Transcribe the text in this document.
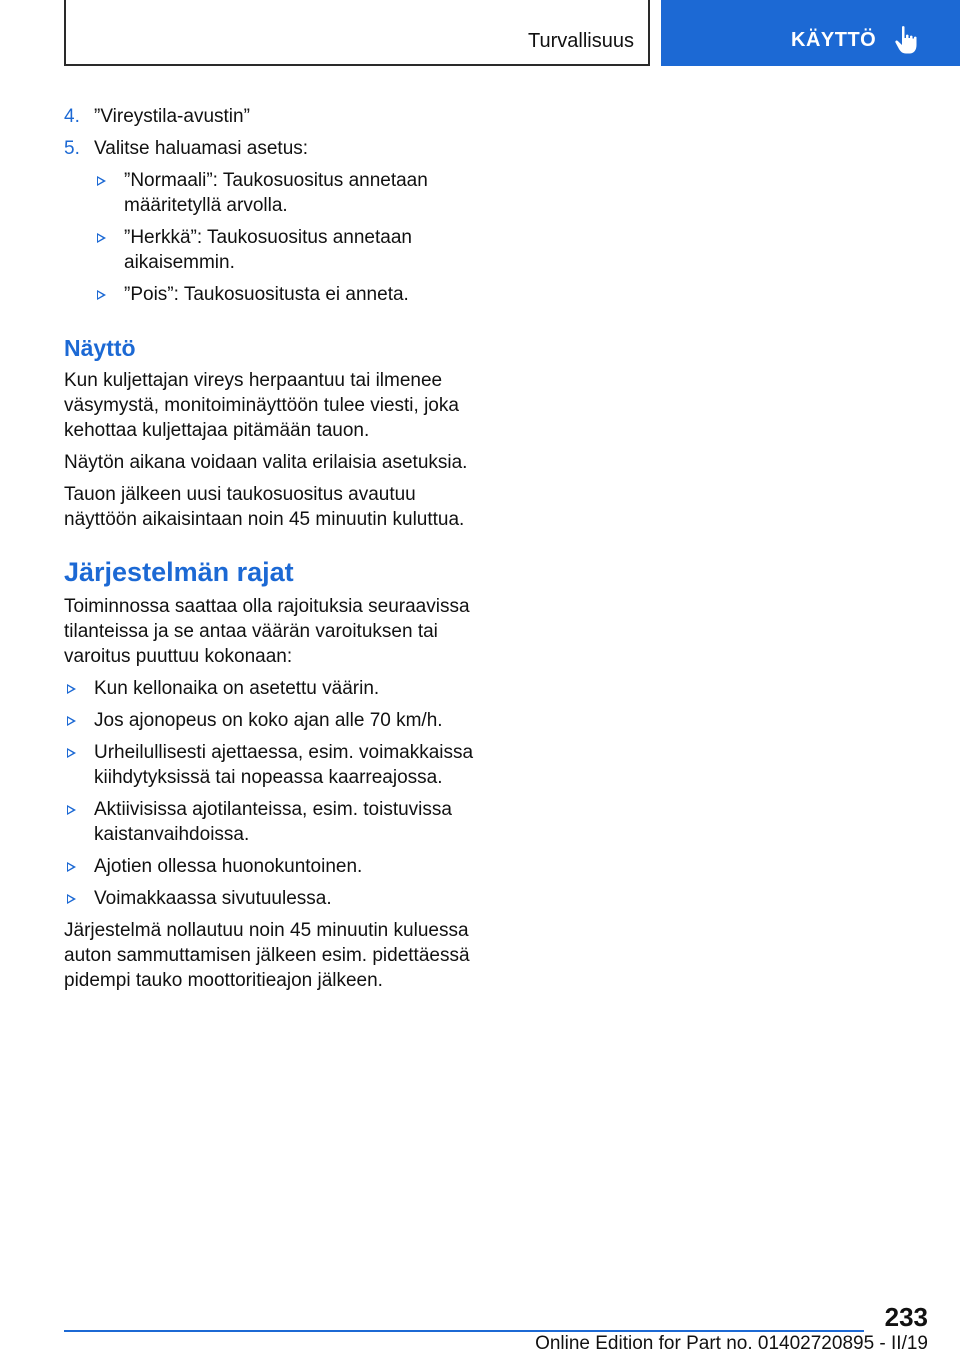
Turvallisuus	KÄYTTÖ
4. ”Vireystila-avustin”
5. Valitse haluamasi asetus:
”Normaali”: Taukosuositus annetaan määritetyllä arvolla.
”Herkkä”: Taukosuositus annetaan aikaisemmin.
”Pois”: Taukosuositusta ei anneta.
Näyttö

Kun kuljettajan vireys herpaantuu tai ilmenee väsymystä, monitoiminäyttöön tulee viesti, joka kehottaa kuljettajaa pitämään tauon.

Näytön aikana voidaan valita erilaisia asetuksia.

Tauon jälkeen uusi taukosuositus avautuu näyttöön aikaisintaan noin 45 minuutin kuluttua.

Järjestelmän rajat

Toiminnossa saattaa olla rajoituksia seuraavissa tilanteissa ja se antaa väärän varoituksen tai varoitus puuttuu kokonaan:

Kun kellonaika on asetettu väärin.
Jos ajonopeus on koko ajan alle 70 km/h.
Urheilullisesti ajettaessa, esim. voimakkaissa kiihdytyksissä tai nopeassa kaarreajossa.
Aktiivisissa ajotilanteissa, esim. toistuvissa kaistanvaihdoissa.
Ajotien ollessa huonokuntoinen.
Voimakkaassa sivutuulessa.

Järjestelmä nollautuu noin 45 minuutin kuluessa auton sammuttamisen jälkeen esim. pidettäessä pidempi tauko moottoritieajon jälkeen.

233
Online Edition for Part no. 01402720895 - II/19
